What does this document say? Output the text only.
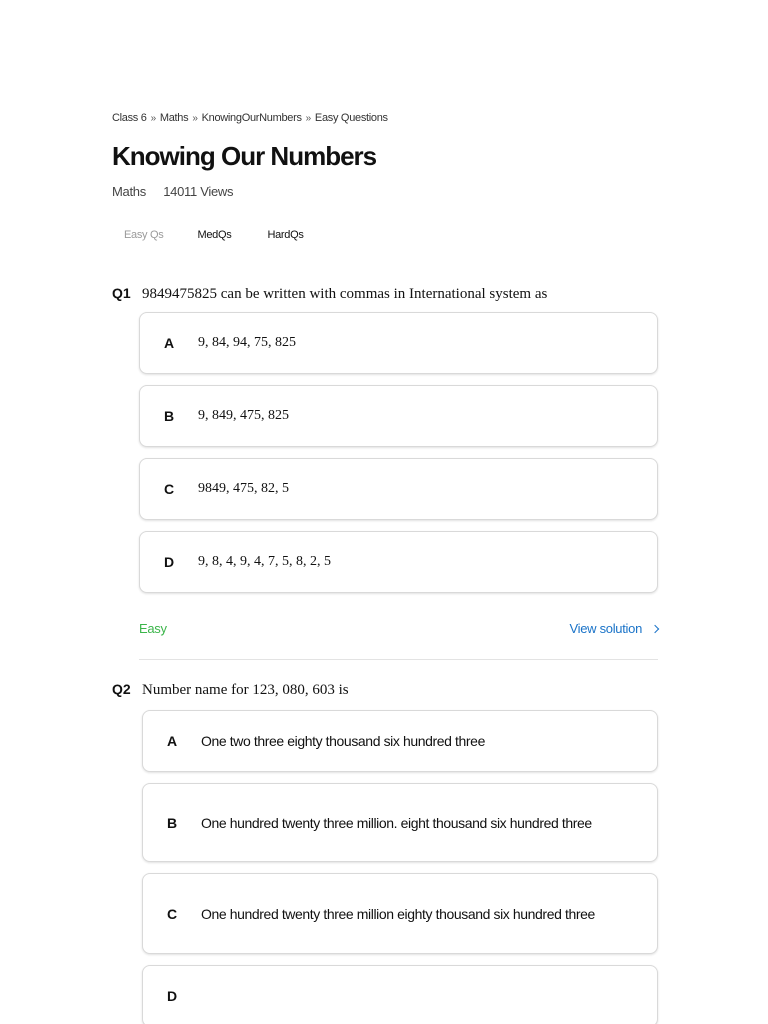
Class 6 » Maths » KnowingOurNumbers » Easy Questions
Knowing Our Numbers
Maths 14011 Views
Easy Qs	MedQs	HardQs
Q1 9849475825 can be written with commas in International system as
A	9, 84, 94, 75, 825
B	9, 849, 475, 825
C	9849, 475, 82, 5
D	9, 8, 4, 9, 4, 7, 5, 8, 2, 5
Easy	View solution
Q2 Number name for 123, 080, 603 is
A	One two three eighty thousand six hundred three
B	One hundred twenty three million. eight thousand six hundred three
C	One hundred twenty three million eighty thousand six hundred three
D
